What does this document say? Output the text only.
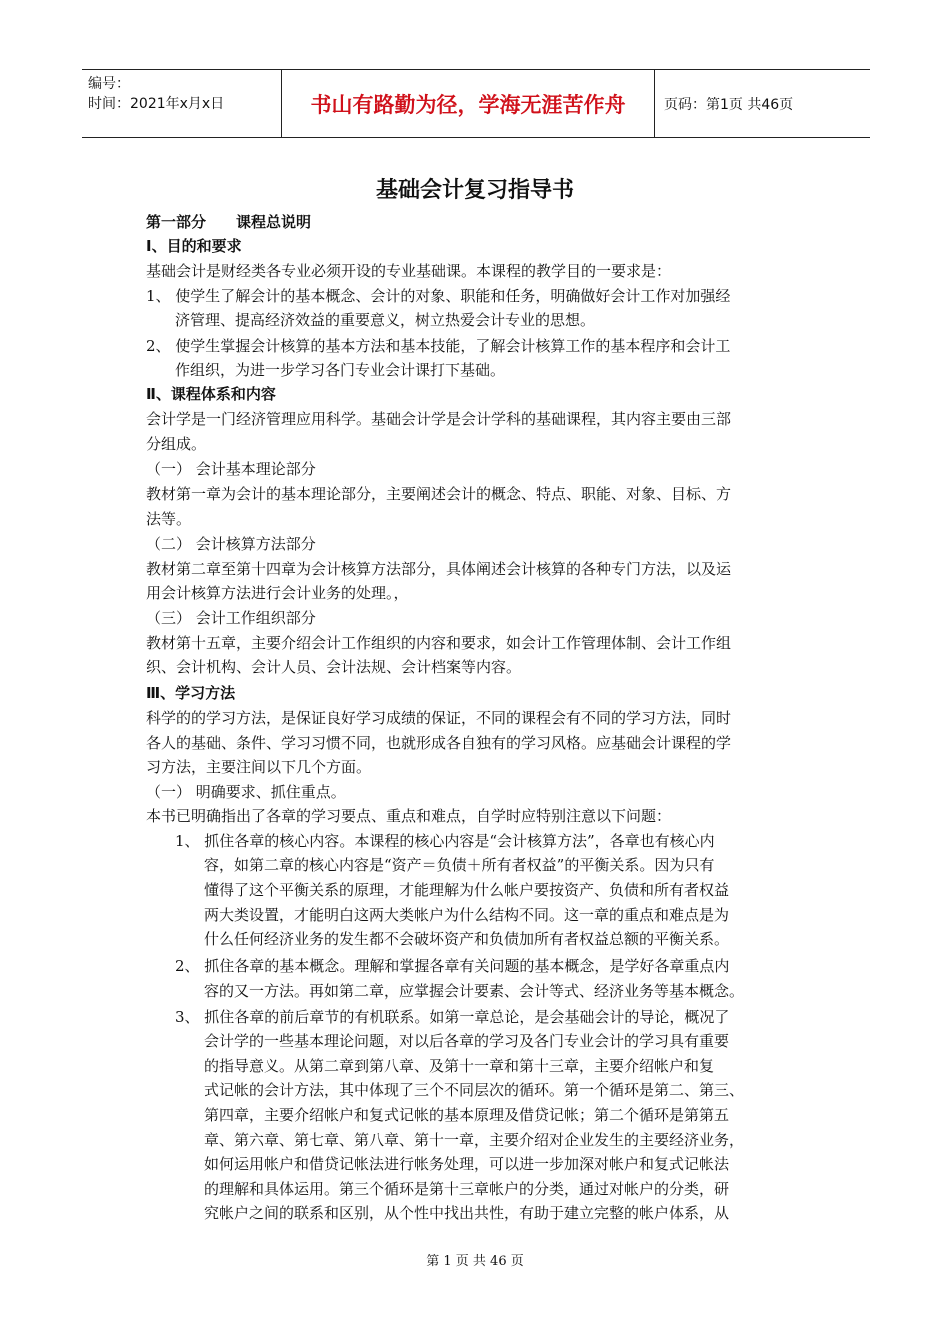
编号：
时间：2021年x月x日	书山有路勤为径，学海无涯苦作舟	页码：第1页 共46页
基础会计复习指导书
第一部分　　课程总说明
Ⅰ、目的和要求
基础会计是财经类各专业必须开设的专业基础课。本课程的教学目的一要求是：
1、 使学生了解会计的基本概念、会计的对象、职能和任务，明确做好会计工作对加强经
济管理、提高经济效益的重要意义，树立热爱会计专业的思想。
2、 使学生掌握会计核算的基本方法和基本技能，了解会计核算工作的基本程序和会计工
作组织，为进一步学习各门专业会计课打下基础。
Ⅱ、课程体系和内容
会计学是一门经济管理应用科学。基础会计学是会计学科的基础课程，其内容主要由三部
分组成。
（一） 会计基本理论部分
教材第一章为会计的基本理论部分，主要阐述会计的概念、特点、职能、对象、目标、方
法等。
（二） 会计核算方法部分
教材第二章至第十四章为会计核算方法部分，具体阐述会计核算的各种专门方法，以及运
用会计核算方法进行会计业务的处理。，
（三） 会计工作组织部分
教材第十五章，主要介绍会计工作组织的内容和要求，如会计工作管理体制、会计工作组
织、会计机构、会计人员、会计法规、会计档案等内容。
Ⅲ、学习方法
科学的的学习方法，是保证良好学习成绩的保证，不同的课程会有不同的学习方法，同时
各人的基础、条件、学习习惯不同，也就形成各自独有的学习风格。应基础会计课程的学
习方法，主要注间以下几个方面。
（一） 明确要求、抓住重点。
本书已明确指出了各章的学习要点、重点和难点，自学时应特别注意以下问题：
1、 抓住各章的核心内容。本课程的核心内容是“会计核算方法”，各章也有核心内
容，如第二章的核心内容是“资产＝负债＋所有者权益”的平衡关系。因为只有
懂得了这个平衡关系的原理，才能理解为什么帐户要按资产、负债和所有者权益
两大类设置，才能明白这两大类帐户为什么结构不同。这一章的重点和难点是为
什么任何经济业务的发生都不会破坏资产和负债加所有者权益总额的平衡关系。
2、 抓住各章的基本概念。理解和掌握各章有关问题的基本概念，是学好各章重点内
容的又一方法。再如第二章，应掌握会计要素、会计等式、经济业务等基本概念。
3、 抓住各章的前后章节的有机联系。如第一章总论，是会基础会计的导论，概况了
会计学的一些基本理论问题，对以后各章的学习及各门专业会计的学习具有重要
的指导意义。从第二章到第八章、及第十一章和第十三章，主要介绍帐户和复
式记帐的会计方法，其中体现了三个不同层次的循环。第一个循环是第二、第三、
第四章，主要介绍帐户和复式记帐的基本原理及借贷记帐；第二个循环是第第五
章、第六章、第七章、第八章、第十一章，主要介绍对企业发生的主要经济业务，
如何运用帐户和借贷记帐法进行帐务处理，可以进一步加深对帐户和复式记帐法
的理解和具体运用。第三个循环是第十三章帐户的分类，通过对帐户的分类，研
究帐户之间的联系和区别，从个性中找出共性，有助于建立完整的帐户体系，从
第 1 页 共 46 页
